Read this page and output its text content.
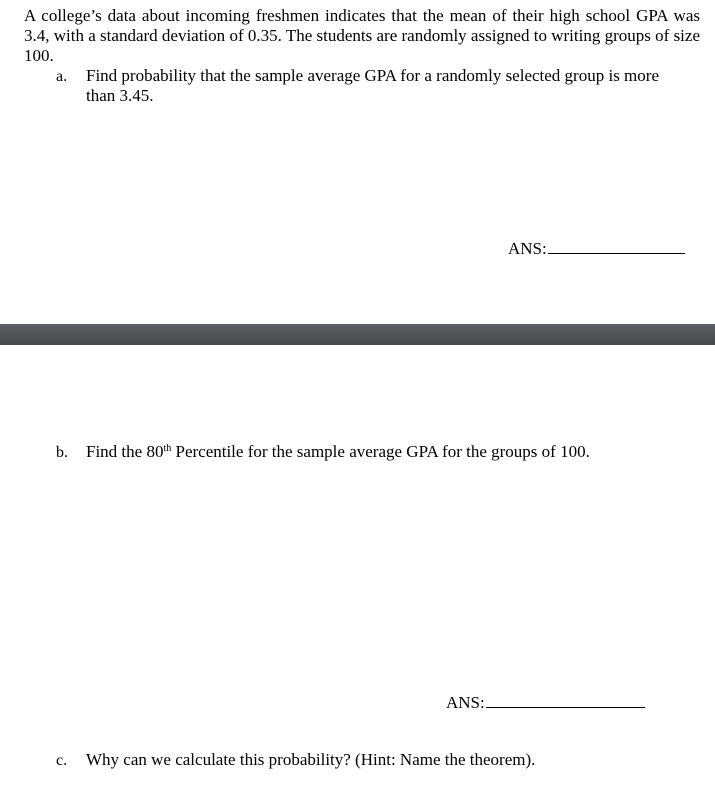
A college’s data about incoming freshmen indicates that the mean of their high school GPA was 3.4, with a standard deviation of 0.35. The students are randomly assigned to writing groups of size 100.
a. Find probability that the sample average GPA for a randomly selected group is more than 3.45.
ANS:
b. Find the 80th Percentile for the sample average GPA for the groups of 100.
ANS:
c. Why can we calculate this probability? (Hint: Name the theorem).
